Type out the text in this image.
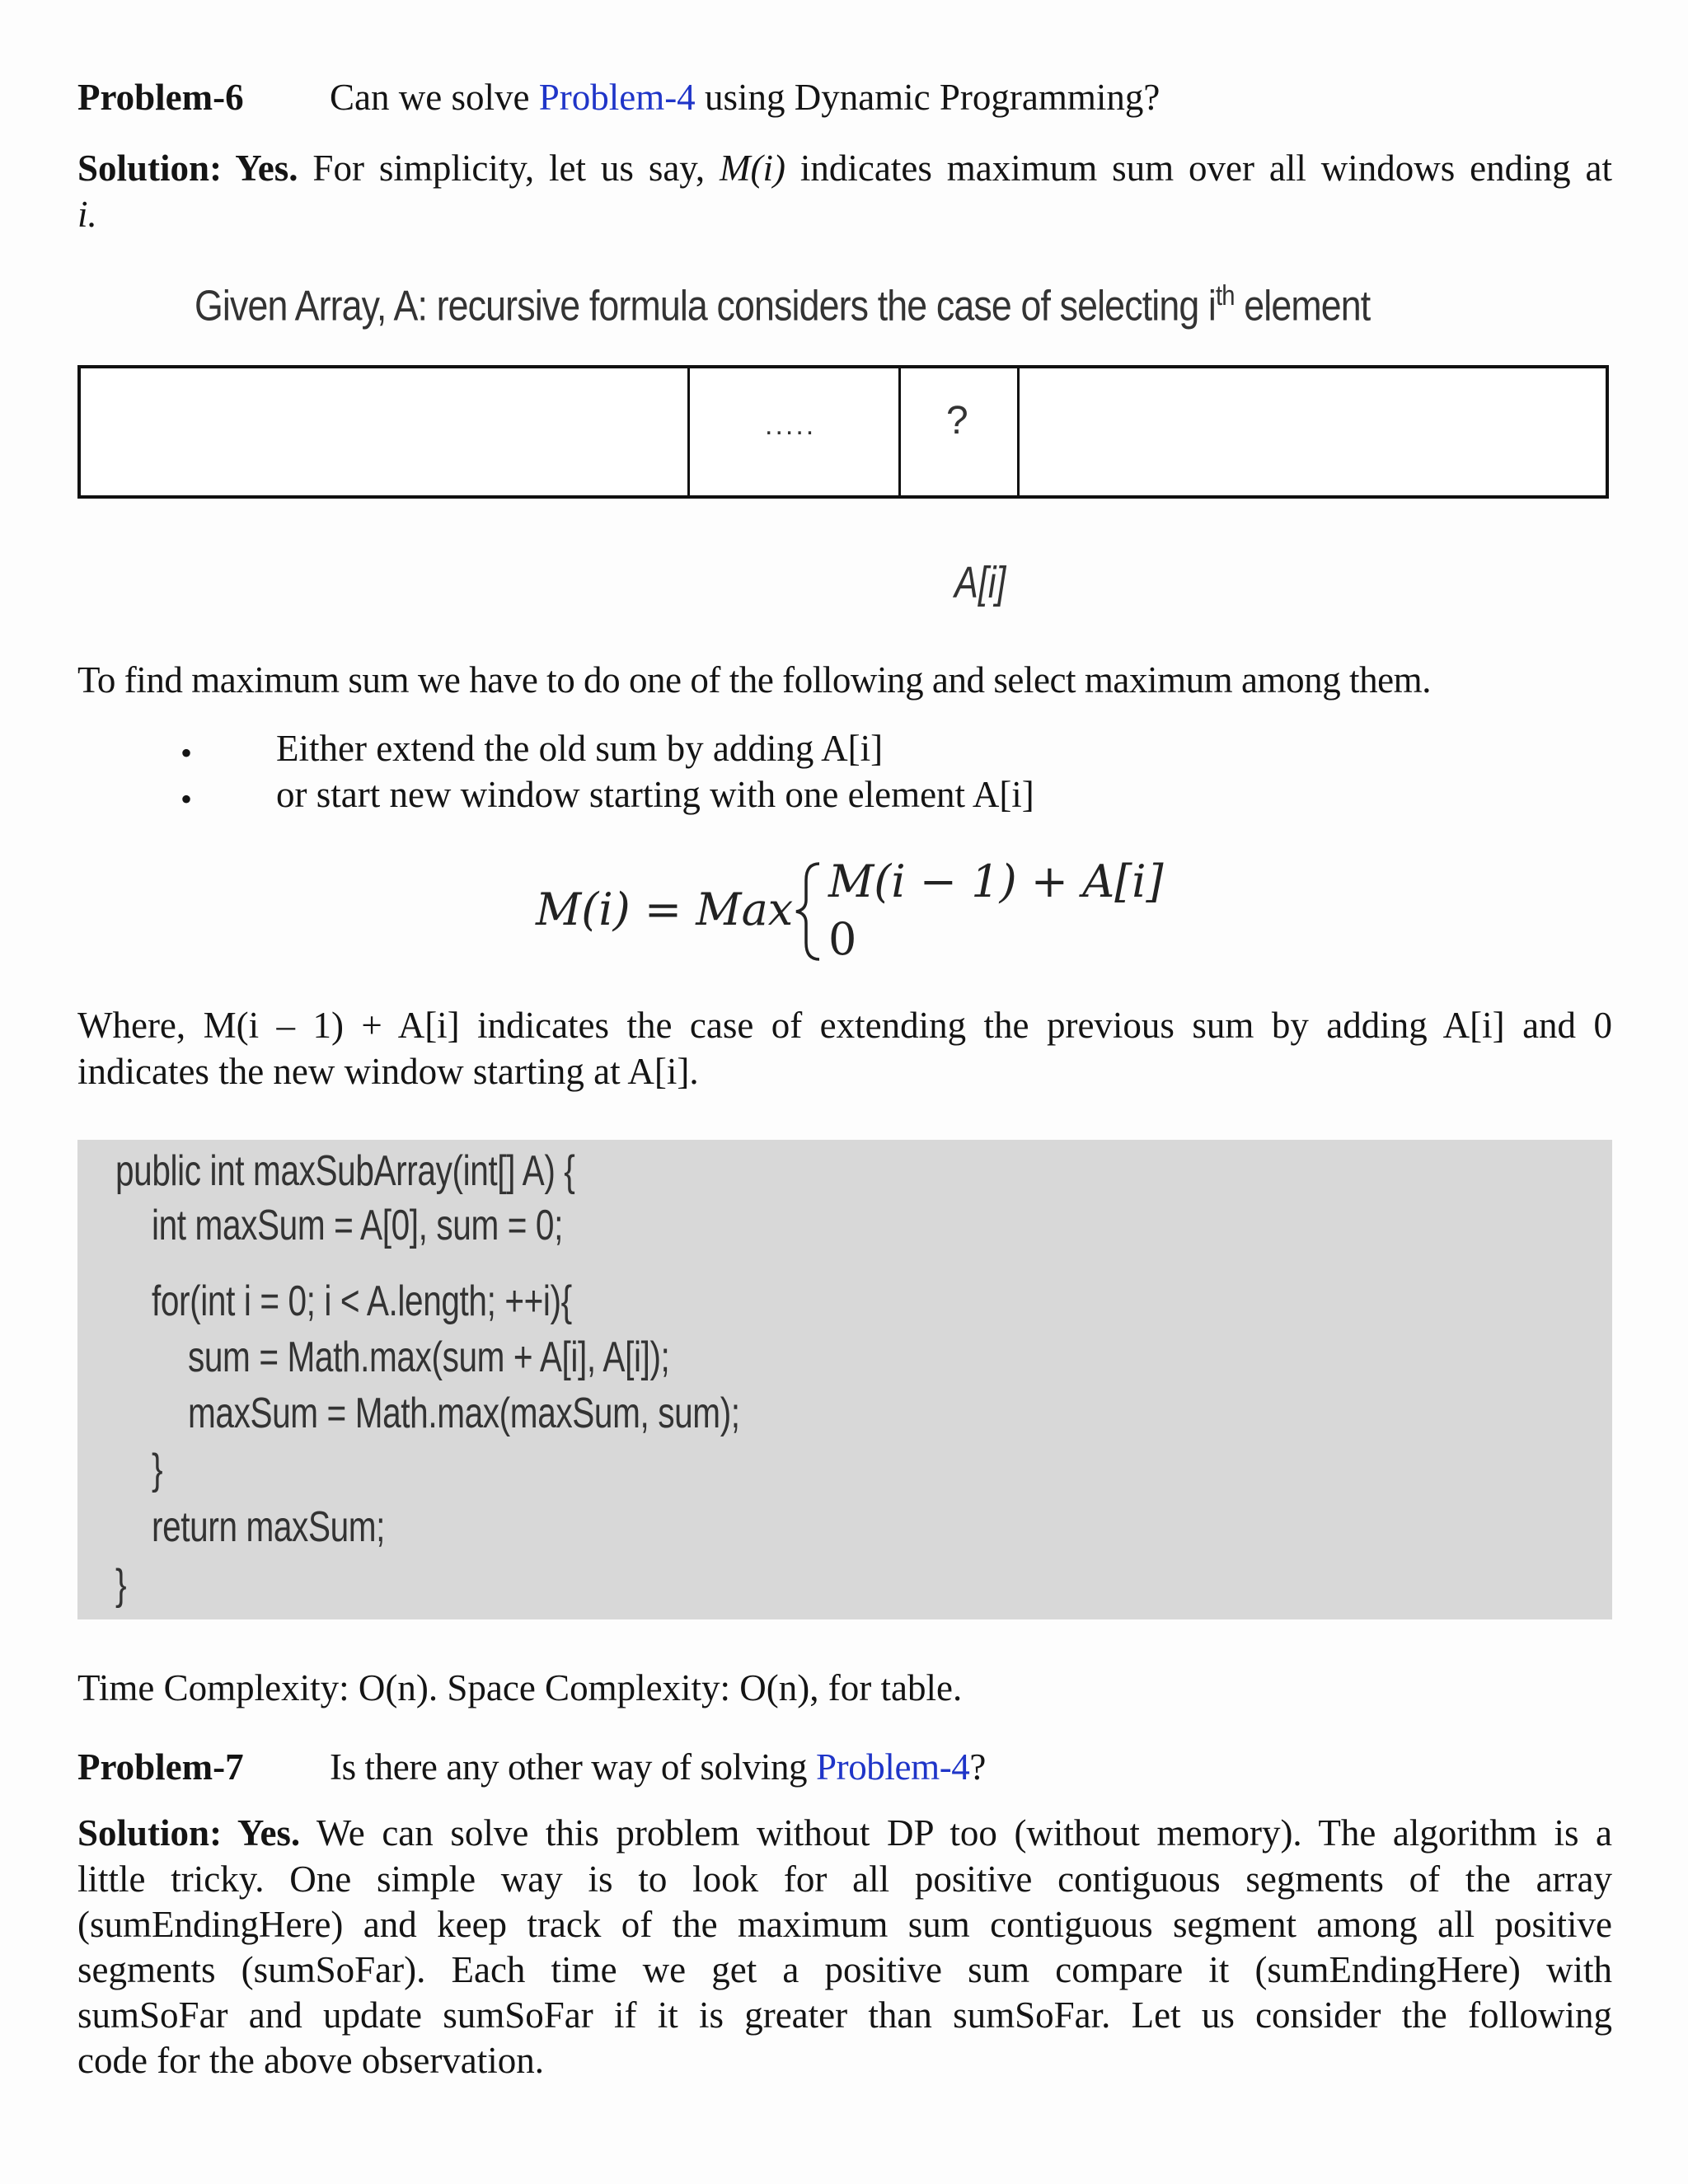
Problem-6 Can we solve Problem-4 using Dynamic Programming?
Solution: Yes. For simplicity, let us say, M(i) indicates maximum sum over all windows ending at
i.
Given Array, A: recursive formula considers the case of selecting $i^{th}$ element
.....	?
A[i]
To find maximum sum we have to do one of the following and select maximum among them.
• Either extend the old sum by adding A[i]
• or start new window starting with one element A[i]
M(i) = Max
M(i − 1) + A[i]
0
Where, M(i – 1) + A[i] indicates the case of extending the previous sum by adding A[i] and 0
indicates the new window starting at A[i].
public int maxSubArray(int[] A) {
int maxSum = A[0], sum = 0;
for(int i = 0; i < A.length; ++i){
sum = Math.max(sum + A[i], A[i]);
maxSum = Math.max(maxSum, sum);
}
return maxSum;
}
Time Complexity: O(n). Space Complexity: O(n), for table.
Problem-7 Is there any other way of solving Problem-4?
Solution: Yes. We can solve this problem without DP too (without memory). The algorithm is a
little tricky. One simple way is to look for all positive contiguous segments of the array
(sumEndingHere) and keep track of the maximum sum contiguous segment among all positive
segments (sumSoFar). Each time we get a positive sum compare it (sumEndingHere) with
sumSoFar and update sumSoFar if it is greater than sumSoFar. Let us consider the following
code for the above observation.
